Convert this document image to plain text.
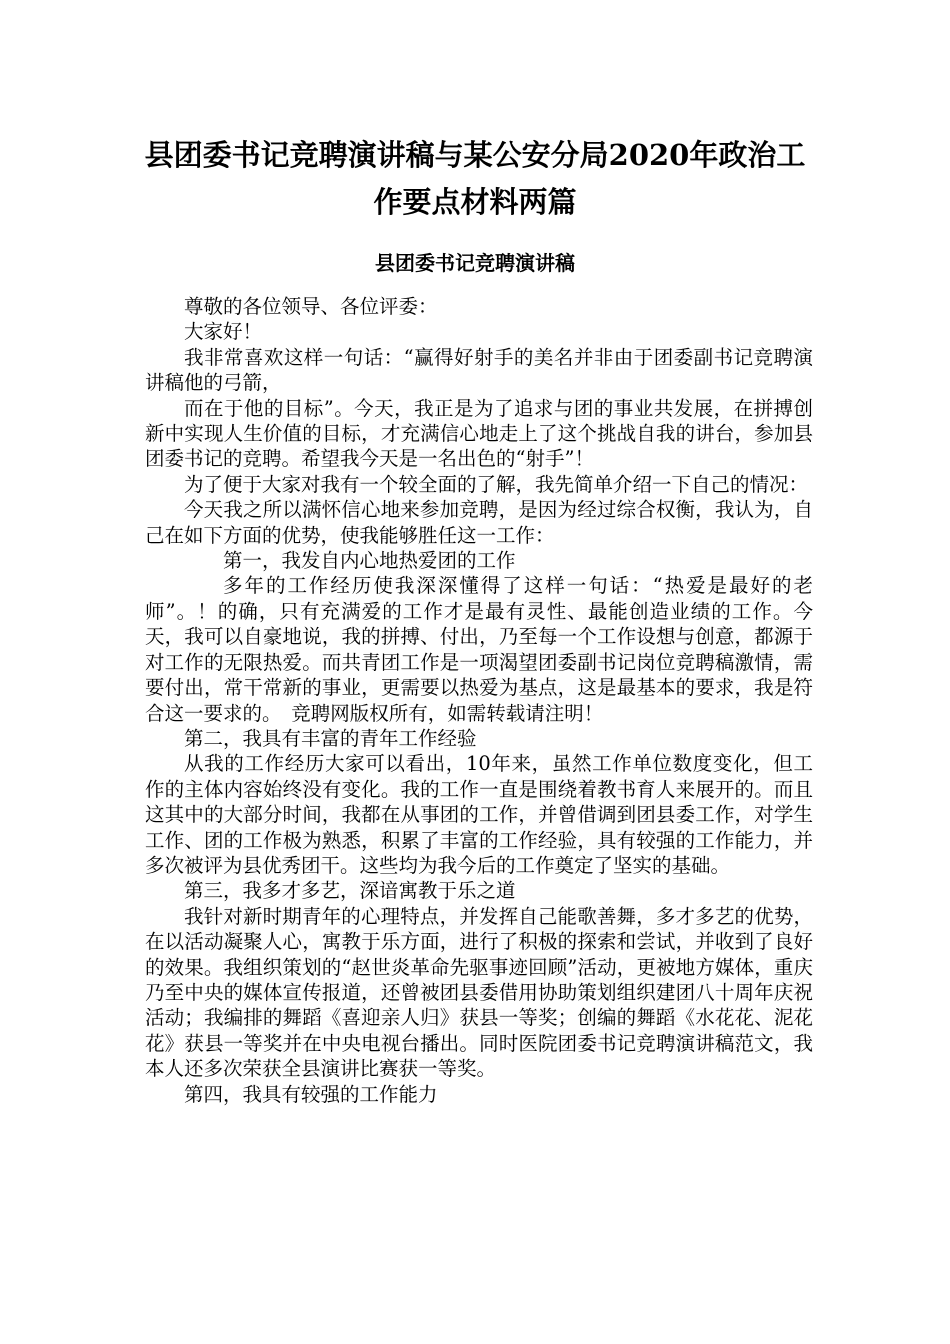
县团委书记竞聘演讲稿与某公安分局2020年政治工
作要点材料两篇
县团委书记竞聘演讲稿

尊敬的各位领导、各位评委：

大家好！

我非常喜欢这样一句话：“赢得好射手的美名并非由于团委副书记竞聘演讲稿他的弓箭，

而在于他的目标”。今天，我正是为了追求与团的事业共发展，在拼搏创新中实现人生价值的目标，才充满信心地走上了这个挑战自我的讲台，参加县团委书记的竞聘。希望我今天是一名出色的“射手”！

为了便于大家对我有一个较全面的了解，我先简单介绍一下自己的情况：

今天我之所以满怀信心地来参加竞聘，是因为经过综合权衡，我认为，自己在如下方面的优势，使我能够胜任这一工作：

第一，我发自内心地热爱团的工作

多年的工作经历使我深深懂得了这样一句话：“热爱是最好的老师”。！的确，只有充满爱的工作才是最有灵性、最能创造业绩的工作。今天，我可以自豪地说，我的拼搏、付出，乃至每一个工作设想与创意，都源于对工作的无限热爱。而共青团工作是一项渴望团委副书记岗位竞聘稿激情，需要付出，常干常新的事业，更需要以热爱为基点，这是最基本的要求，我是符合这一要求的。　竞聘网版权所有，如需转载请注明！

第二，我具有丰富的青年工作经验

从我的工作经历大家可以看出，10年来，虽然工作单位数度变化，但工作的主体内容始终没有变化。我的工作一直是围绕着教书育人来展开的。而且这其中的大部分时间，我都在从事团的工作，并曾借调到团县委工作，对学生工作、团的工作极为熟悉，积累了丰富的工作经验，具有较强的工作能力，并多次被评为县优秀团干。这些均为我今后的工作奠定了坚实的基础。

第三，我多才多艺，深谙寓教于乐之道

我针对新时期青年的心理特点，并发挥自己能歌善舞，多才多艺的优势，在以活动凝聚人心，寓教于乐方面，进行了积极的探索和尝试，并收到了良好的效果。我组织策划的“赵世炎革命先驱事迹回顾”活动，更被地方媒体，重庆乃至中央的媒体宣传报道，还曾被团县委借用协助策划组织建团八十周年庆祝活动；我编排的舞蹈《喜迎亲人归》获县一等奖；创编的舞蹈《水花花、泥花花》获县一等奖并在中央电视台播出。同时医院团委书记竞聘演讲稿范文，我本人还多次荣获全县演讲比赛获一等奖。

第四，我具有较强的工作能力
